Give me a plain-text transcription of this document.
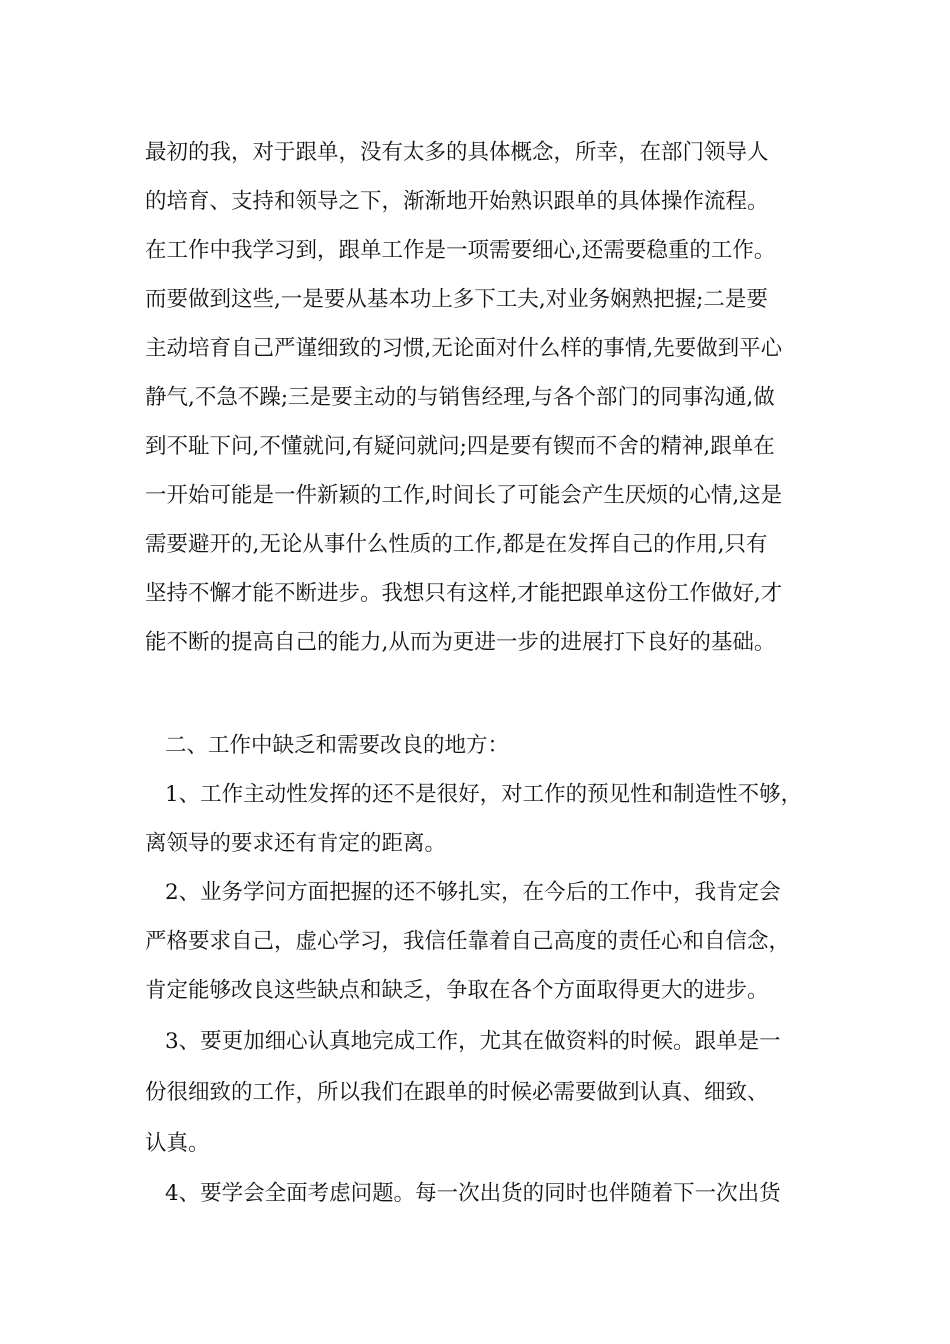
最初的我，对于跟单，没有太多的具体概念，所幸，在部门领导人
的培育、支持和领导之下，渐渐地开始熟识跟单的具体操作流程。
在工作中我学习到，跟单工作是一项需要细心,还需要稳重的工作。
而要做到这些,一是要从基本功上多下工夫,对业务娴熟把握;二是要
主动培育自己严谨细致的习惯,无论面对什么样的事情,先要做到平心
静气,不急不躁;三是要主动的与销售经理,与各个部门的同事沟通,做
到不耻下问,不懂就问,有疑问就问;四是要有锲而不舍的精神,跟单在
一开始可能是一件新颖的工作,时间长了可能会产生厌烦的心情,这是
需要避开的,无论从事什么性质的工作,都是在发挥自己的作用,只有
坚持不懈才能不断进步。我想只有这样,才能把跟单这份工作做好,才
能不断的提高自己的能力,从而为更进一步的进展打下良好的基础。
二、工作中缺乏和需要改良的地方：
1、工作主动性发挥的还不是很好，对工作的预见性和制造性不够，
离领导的要求还有肯定的距离。
2、业务学问方面把握的还不够扎实，在今后的工作中，我肯定会
严格要求自己，虚心学习，我信任靠着自己高度的责任心和自信念，
肯定能够改良这些缺点和缺乏，争取在各个方面取得更大的进步。
3、要更加细心认真地完成工作，尤其在做资料的时候。跟单是一
份很细致的工作，所以我们在跟单的时候必需要做到认真、细致、
认真。
4、要学会全面考虑问题。每一次出货的同时也伴随着下一次出货
